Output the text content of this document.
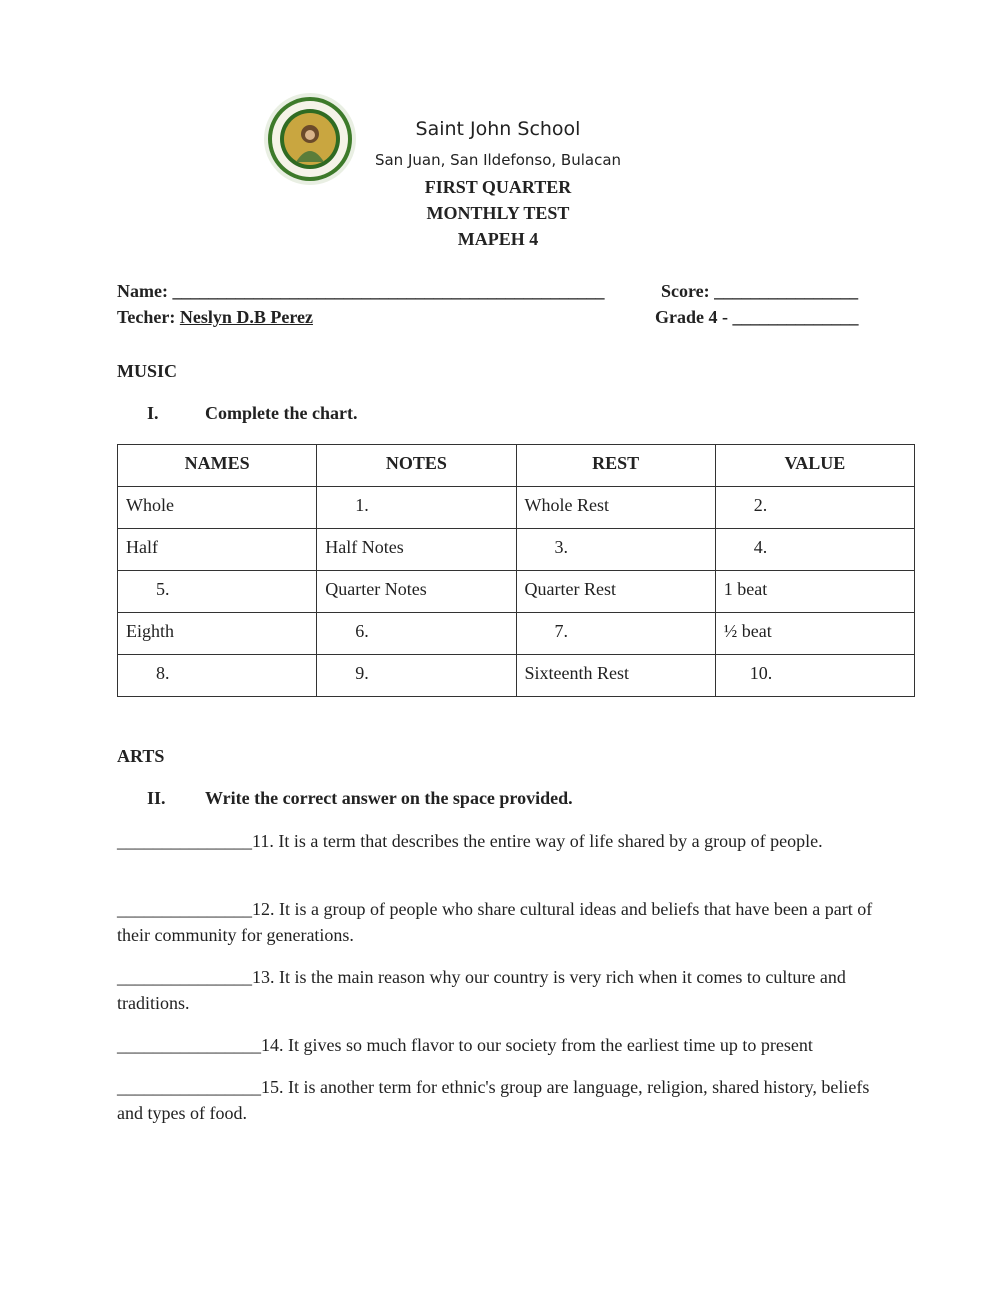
Saint John School
San Juan, San Ildefonso, Bulacan
FIRST QUARTER
MONTHLY TEST
MAPEH 4
Name: ________________________________________________	Score: ________________
Techer: Neslyn D.B Perez	Grade 4 - ______________
MUSIC
I.	Complete the chart.
NAMES	NOTES	REST	VALUE
Whole	1.	Whole Rest	2.
Half	Half Notes	3.	4.
5.	Quarter Notes	Quarter Rest	1 beat
Eighth	6.	7.	½ beat
8.	9.	Sixteenth Rest	10.
ARTS
II. Write the correct answer on the space provided.
_______________11. It is a term that describes the entire way of life shared by a group of people.
_______________12. It is a group of people who share cultural ideas and beliefs that have been a part of their community for generations.
_______________13. It is the main reason why our country is very rich when it comes to culture and traditions.
________________14. It gives so much flavor to our society from the earliest time up to present
________________15. It is another term for ethnic's group are language, religion, shared history, beliefs and types of food.
